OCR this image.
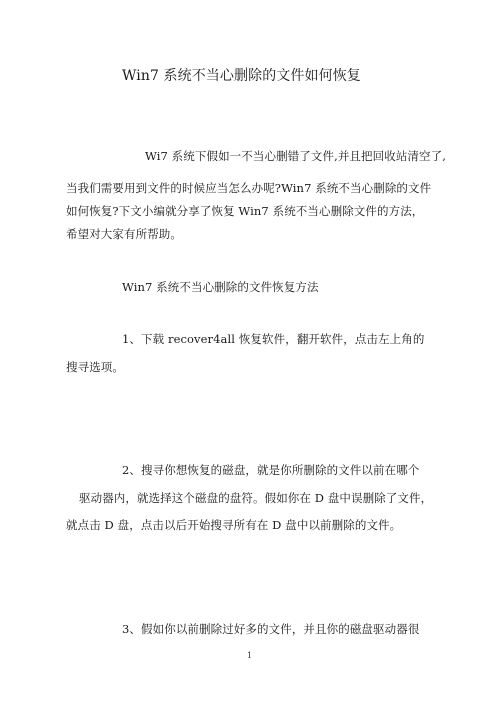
Win7 系统不当心删除的文件如何恢复
Wi7 系统下假如一不当心删错了文件,并且把回收站清空了,
当我们需要用到文件的时候应当怎么办呢?Win7 系统不当心删除的文件
如何恢复?下文小编就分享了恢复 Win7 系统不当心删除文件的方法，
希望对大家有所帮助。
Win7 系统不当心删除的文件恢复方法
1、下载 recover4all 恢复软件，翻开软件，点击左上角的
搜寻选项。
2、搜寻你想恢复的磁盘，就是你所删除的文件以前在哪个
驱动器内，就选择这个磁盘的盘符。假如你在 D 盘中误删除了文件，
就点击 D 盘，点击以后开始搜寻所有在 D 盘中以前删除的文件。
3、假如你以前删除过好多的文件，并且你的磁盘驱动器很
1
